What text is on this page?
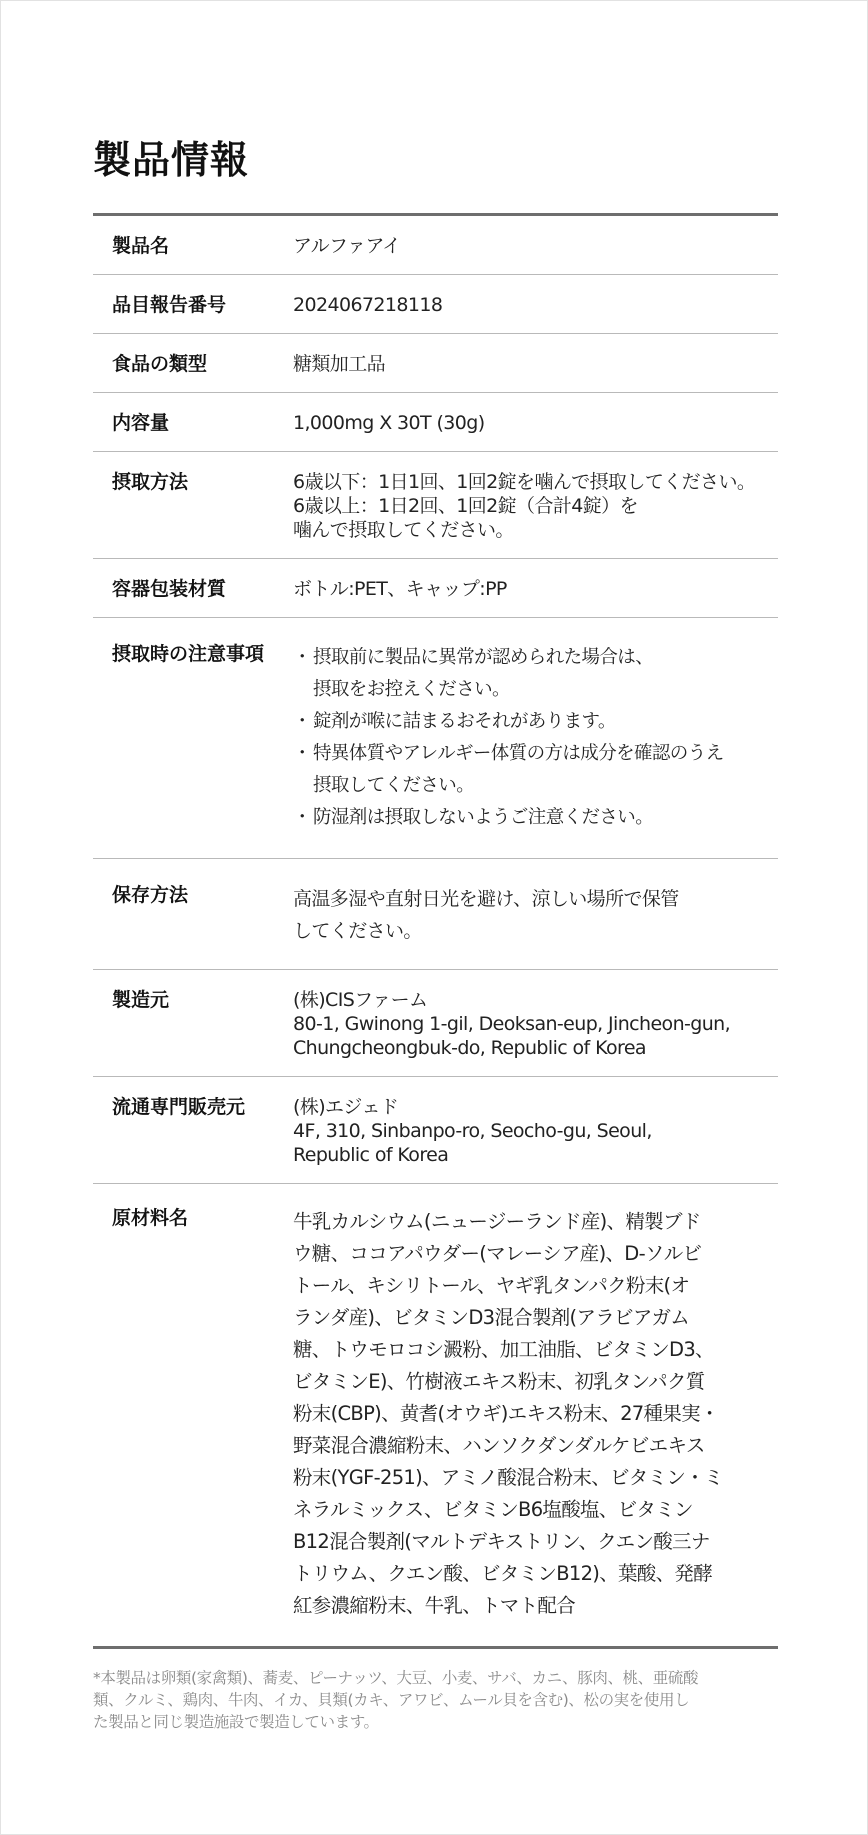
製品情報
製品名	アルファアイ
品目報告番号	2024067218118
食品の類型	糖類加工品
内容量	1,000mg X 30T (30g)
摂取方法	6歳以下：1日1回、1回2錠を噛んで摂取してください。
6歳以上：1日2回、1回2錠（合計4錠）を
噛んで摂取してください。
容器包装材質	ボトル:PET、キャップ:PP
摂取時の注意事項	・ 摂取前に製品に異常が認められた場合は、
摂取をお控えください。
・ 錠剤が喉に詰まるおそれがあります。
・ 特異体質やアレルギー体質の方は成分を確認のうえ
摂取してください。
・ 防湿剤は摂取しないようご注意ください。
保存方法	高温多湿や直射日光を避け、涼しい場所で保管
してください。
製造元	(株)CISファーム
80-1, Gwinong 1-gil, Deoksan-eup, Jincheon-gun,
Chungcheongbuk-do, Republic of Korea
流通専門販売元	(株)エジェド
4F, 310, Sinbanpo-ro, Seocho-gu, Seoul,
Republic of Korea
原材料名	牛乳カルシウム(ニュージーランド産)、精製ブド
ウ糖、ココアパウダー(マレーシア産)、D-ソルビ
トール、キシリトール、ヤギ乳タンパク粉末(オ
ランダ産)、ビタミンD3混合製剤(アラビアガム
糖、トウモロコシ澱粉、加工油脂、ビタミンD3、
ビタミンE)、竹樹液エキス粉末、初乳タンパク質
粉末(CBP)、黄耆(オウギ)エキス粉末、27種果実・
野菜混合濃縮粉末、ハンソクダンダルケビエキス
粉末(YGF-251)、アミノ酸混合粉末、ビタミン・ミ
ネラルミックス、ビタミンB6塩酸塩、ビタミン
B12混合製剤(マルトデキストリン、クエン酸三ナ
トリウム、クエン酸、ビタミンB12)、葉酸、発酵
紅参濃縮粉末、牛乳、トマト配合
*本製品は卵類(家禽類)、蕎麦、ピーナッツ、大豆、小麦、サバ、カニ、豚肉、桃、亜硫酸
類、クルミ、鶏肉、牛肉、イカ、貝類(カキ、アワビ、ムール貝を含む)、松の実を使用し
た製品と同じ製造施設で製造しています。
